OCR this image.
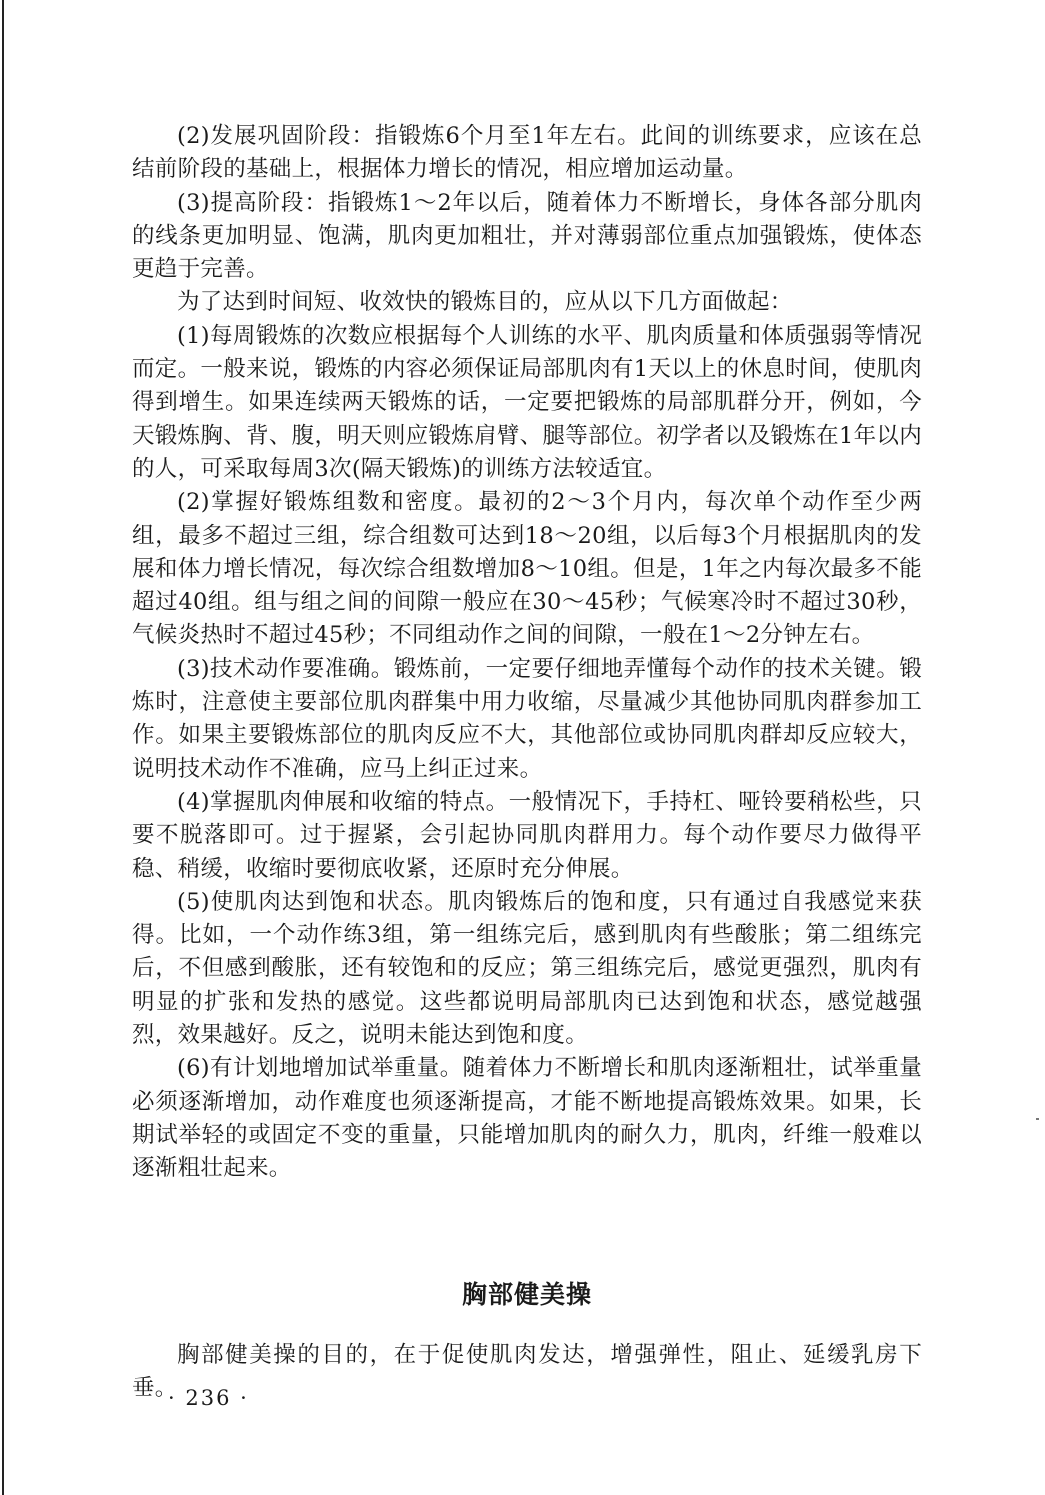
(2)发展巩固阶段：指锻炼6个月至1年左右。此间的训练要求，应该在总结前阶段的基础上，根据体力增长的情况，相应增加运动量。

(3)提高阶段：指锻炼1～2年以后，随着体力不断增长，身体各部分肌肉的线条更加明显、饱满，肌肉更加粗壮，并对薄弱部位重点加强锻炼，使体态更趋于完善。

为了达到时间短、收效快的锻炼目的，应从以下几方面做起：

(1)每周锻炼的次数应根据每个人训练的水平、肌肉质量和体质强弱等情况而定。一般来说，锻炼的内容必须保证局部肌肉有1天以上的休息时间，使肌肉得到增生。如果连续两天锻炼的话，一定要把锻炼的局部肌群分开，例如，今天锻炼胸、背、腹，明天则应锻炼肩臂、腿等部位。初学者以及锻炼在1年以内的人，可采取每周3次(隔天锻炼)的训练方法较适宜。

(2)掌握好锻炼组数和密度。最初的2～3个月内，每次单个动作至少两组，最多不超过三组，综合组数可达到18～20组，以后每3个月根据肌肉的发展和体力增长情况，每次综合组数增加8～10组。但是，1年之内每次最多不能超过40组。组与组之间的间隙一般应在30～45秒；气候寒冷时不超过30秒，气候炎热时不超过45秒；不同组动作之间的间隙，一般在1～2分钟左右。

(3)技术动作要准确。锻炼前，一定要仔细地弄懂每个动作的技术关键。锻炼时，注意使主要部位肌肉群集中用力收缩，尽量减少其他协同肌肉群参加工作。如果主要锻炼部位的肌肉反应不大，其他部位或协同肌肉群却反应较大，说明技术动作不准确，应马上纠正过来。

(4)掌握肌肉伸展和收缩的特点。一般情况下，手持杠、哑铃要稍松些，只要不脱落即可。过于握紧，会引起协同肌肉群用力。每个动作要尽力做得平稳、稍缓，收缩时要彻底收紧，还原时充分伸展。

(5)使肌肉达到饱和状态。肌肉锻炼后的饱和度，只有通过自我感觉来获得。比如，一个动作练3组，第一组练完后，感到肌肉有些酸胀；第二组练完后，不但感到酸胀，还有较饱和的反应；第三组练完后，感觉更强烈，肌肉有明显的扩张和发热的感觉。这些都说明局部肌肉已达到饱和状态，感觉越强烈，效果越好。反之，说明未能达到饱和度。

(6)有计划地增加试举重量。随着体力不断增长和肌肉逐渐粗壮，试举重量必须逐渐增加，动作难度也须逐渐提高，才能不断地提高锻炼效果。如果，长期试举轻的或固定不变的重量，只能增加肌肉的耐久力，肌肉，纤维一般难以逐渐粗壮起来。

胸部健美操

胸部健美操的目的，在于促使肌肉发达，增强弹性，阻止、延缓乳房下垂。

· 236 ·
